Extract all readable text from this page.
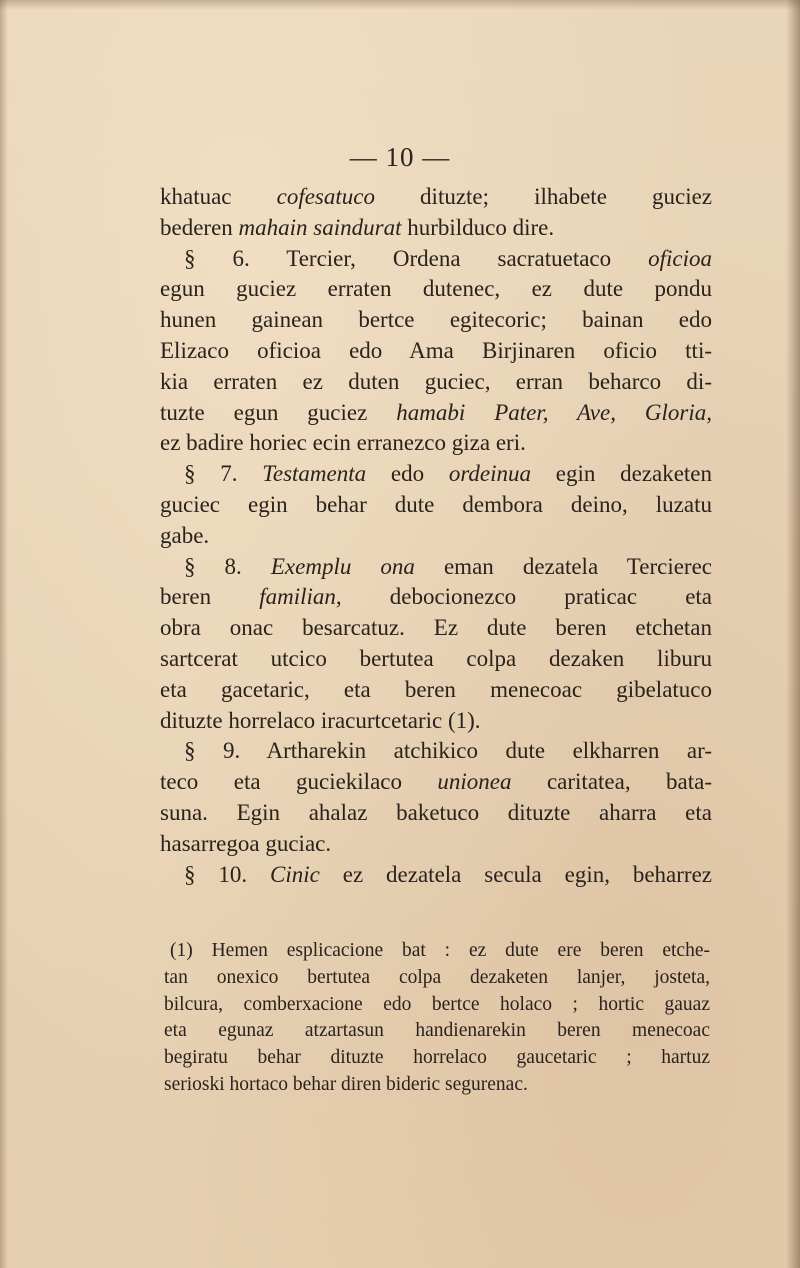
— 10 —
khatuac cofesatuco dituzte; ilhabete guciez
bederen mahain saindurat hurbilduco dire.
§ 6. Tercier, Ordena sacratuetaco oficioa
egun guciez erraten dutenec, ez dute pondu
hunen gainean bertce egitecoric; bainan edo
Elizaco oficioa edo Ama Birjinaren oficio tti-
kia erraten ez duten guciec, erran beharco di-
tuzte egun guciez hamabi Pater, Ave, Gloria,
ez badire horiec ecin erranezco giza eri.
§ 7. Testamenta edo ordeinua egin dezaketen
guciec egin behar dute dembora deino, luzatu
gabe.
§ 8. Exemplu ona eman dezatela Tercierec
beren familian, debocionezco praticac eta
obra onac besarcatuz. Ez dute beren etchetan
sartcerat utcico bertutea colpa dezaken liburu
eta gacetaric, eta beren menecoac gibelatuco
dituzte horrelaco iracurtcetaric (1).
§ 9. Artharekin atchikico dute elkharren ar-
teco eta guciekilaco unionea caritatea, bata-
suna. Egin ahalaz baketuco dituzte aharra eta
hasarregoa guciac.
§ 10. Cinic ez dezatela secula egin, beharrez
(1) Hemen esplicacione bat : ez dute ere beren etche-
tan onexico bertutea colpa dezaketen lanjer, josteta,
bilcura, comberxacione edo bertce holaco ; hortic gauaz
eta egunaz atzartasun handienarekin beren menecoac
begiratu behar dituzte horrelaco gaucetaric ; hartuz
serioski hortaco behar diren bideric segurenac.
